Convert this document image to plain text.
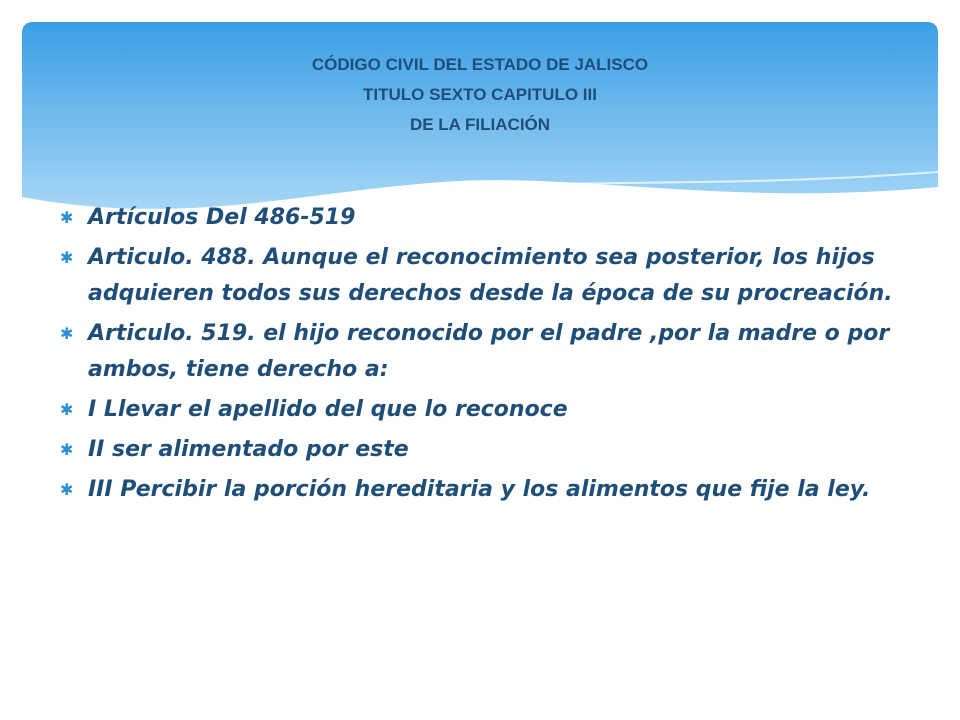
CÓDIGO CIVIL DEL ESTADO DE JALISCO
TITULO SEXTO CAPITULO III
DE LA FILIACIÓN
✱ Artículos Del 486-519
✱ Articulo. 488. Aunque el reconocimiento sea posterior, los hijos adquieren todos sus derechos desde la época de su procreación.
✱ Articulo. 519. el hijo reconocido por el padre ,por la madre o por ambos, tiene derecho a:
✱ I Llevar el apellido del que lo reconoce
✱ II ser alimentado por este
✱ III Percibir la porción hereditaria y los alimentos que fije la ley.
